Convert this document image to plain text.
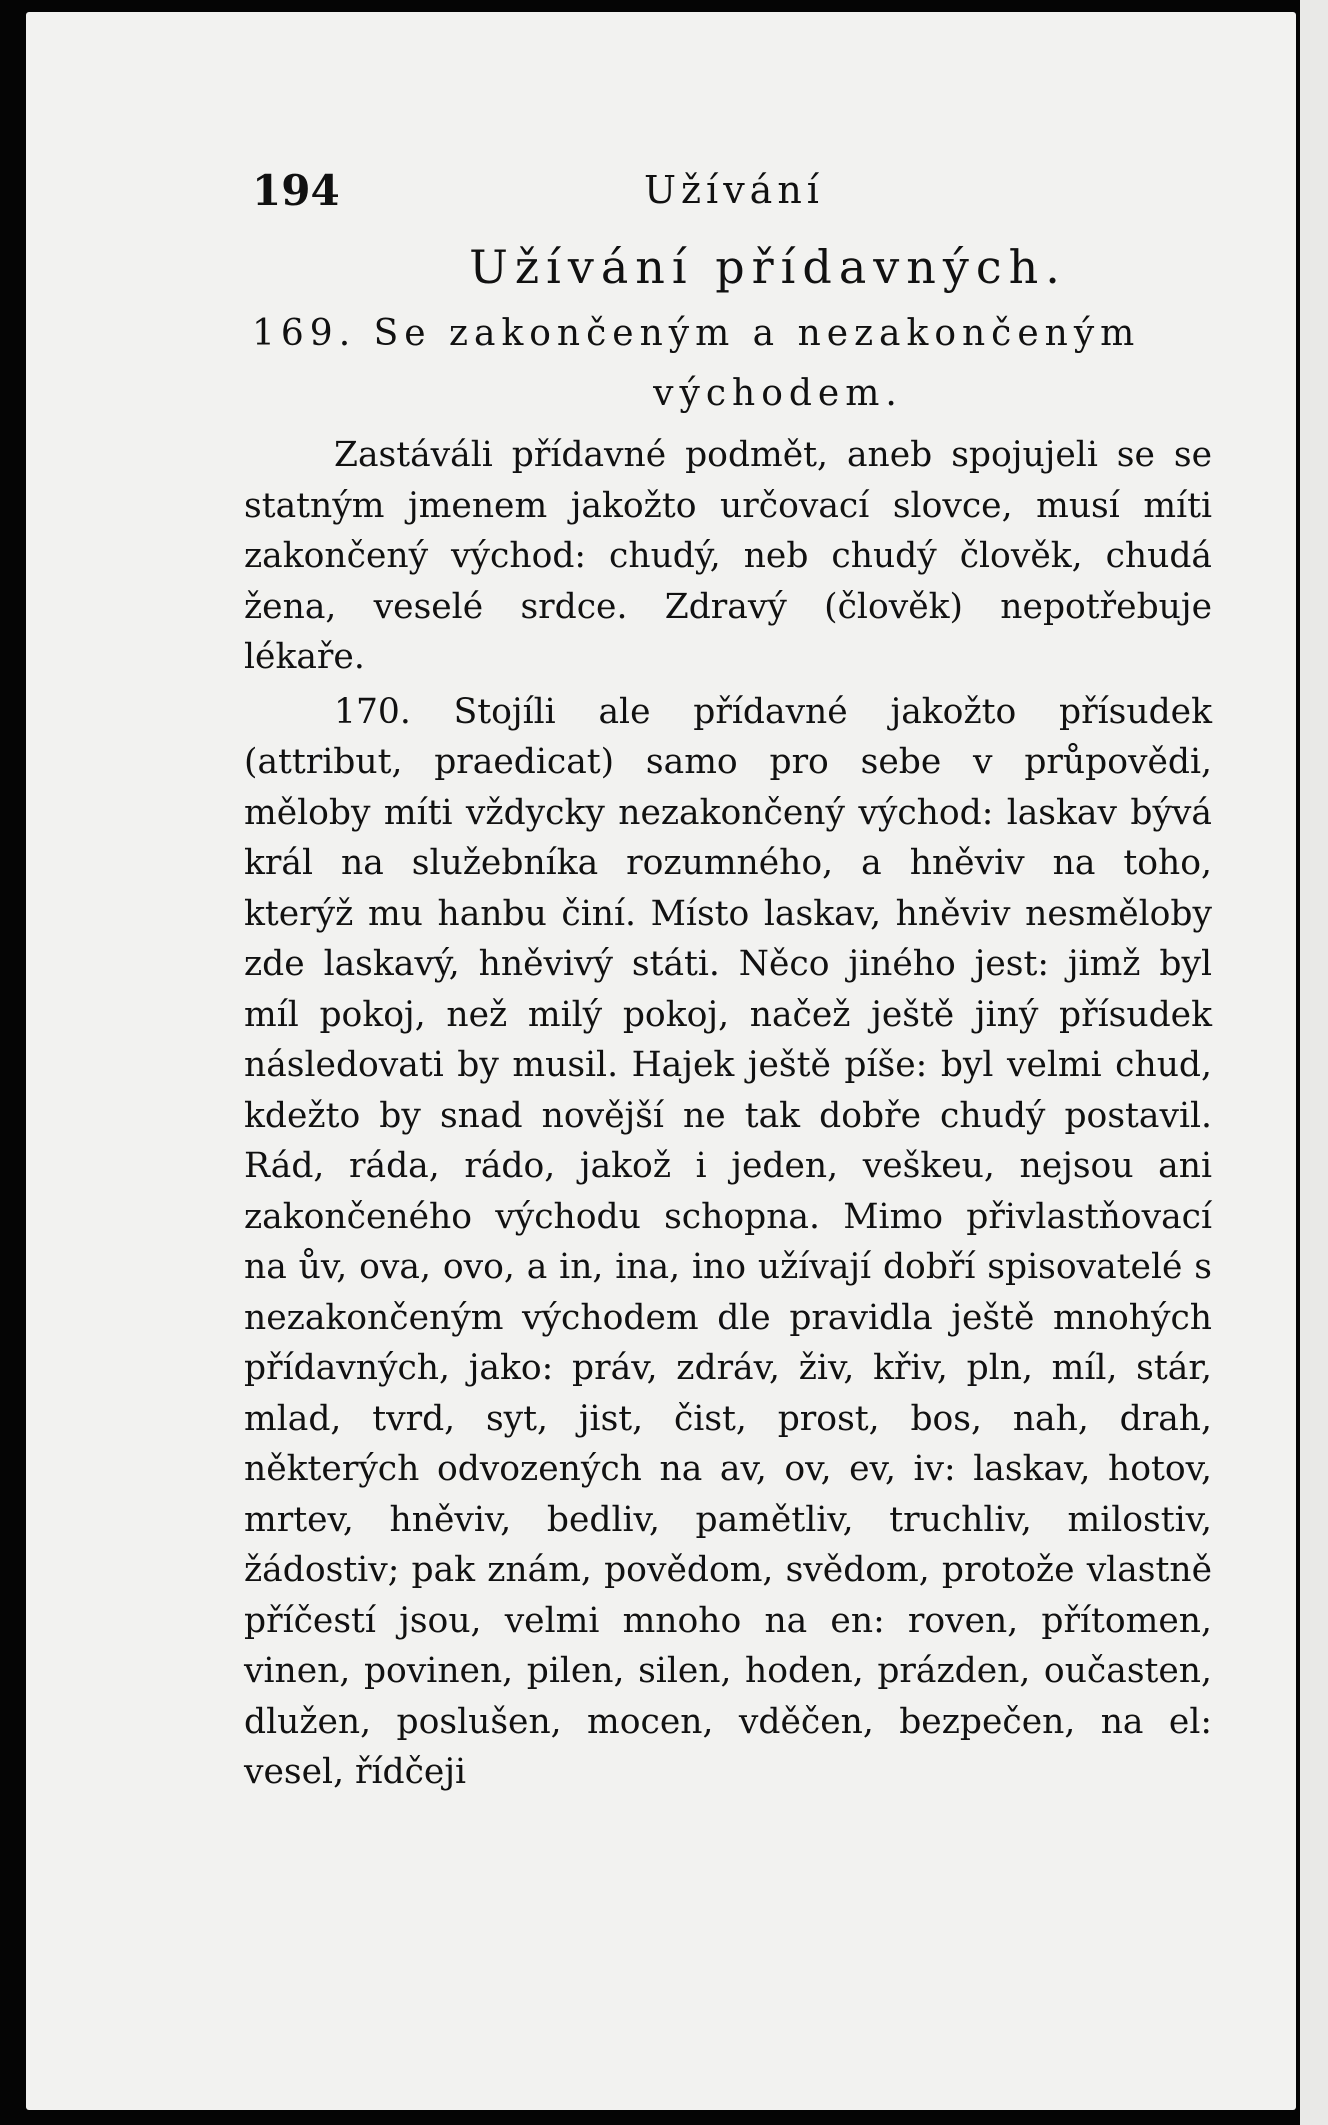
194	Užívání
Užívání přídavných.
169. Se zakončeným a nezakončeným
východem.

Zastáváli přídavné podmět, aneb spojujeli se se statným jmenem jakožto určovací slovce, musí míti zakončený východ: chudý, neb chudý člověk, chudá žena, veselé srdce. Zdravý (člověk) nepotřebuje lékaře.

170. Stojíli ale přídavné jakožto přísudek (attribut, praedicat) samo pro sebe v průpovědi, měloby míti vždycky nezakončený východ: laskav bývá král na služebníka rozumného, a hněviv na toho, kterýž mu hanbu činí. Místo laskav, hněviv nesměloby zde laskavý, hněvivý státi. Něco jiného jest: jimž byl míl pokoj, než milý pokoj, načež ještě jiný přísudek následovati by musil. Hajek ještě píše: byl velmi chud, kdežto by snad novější ne tak dobře chudý postavil. Rád, ráda, rádo, jakož i jeden, veškeu, nejsou ani zakončeného východu schopna. Mimo přivlastňovací na ův, ova, ovo, a in, ina, ino užívají dobří spisovatelé s nezakončeným východem dle pravidla ještě mnohých přídavných, jako: práv, zdráv, živ, křiv, pln, míl, stár, mlad, tvrd, syt, jist, čist, prost, bos, nah, drah, některých odvozených na av, ov, ev, iv: laskav, hotov, mrtev, hněviv, bedliv, pamětliv, truchliv, milostiv, žádostiv; pak znám, povědom, svědom, protože vlastně příčestí jsou, velmi mnoho na en: roven, přítomen, vinen, povinen, pilen, silen, hoden, prázden, oučasten, dlužen, poslušen, mocen, vděčen, bezpečen, na el: vesel, řídčeji
